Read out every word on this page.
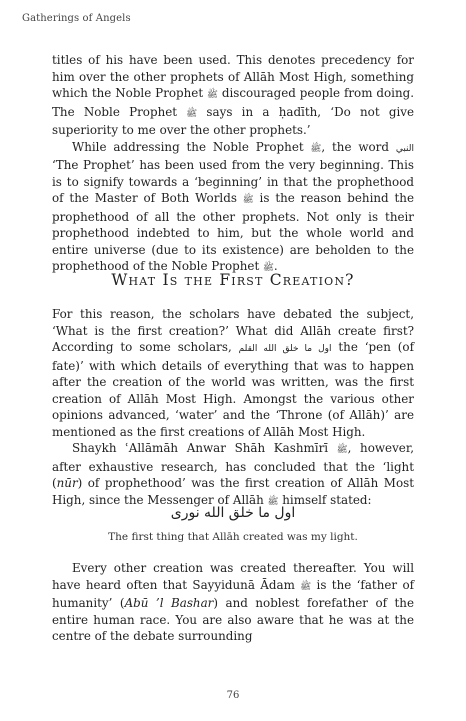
Gatherings of Angels

titles of his have been used. This denotes precedency for him over the other prophets of Allāh Most High, something which the Noble Prophet ﷺ discouraged people from doing. The Noble Prophet ﷺ says in a ḥadīth, ‘Do not give superiority to me over the other prophets.’

While addressing the Noble Prophet ﷺ, the word النبي ‘The Prophet’ has been used from the very beginning. This is to signify towards a ‘beginning’ in that the prophethood of the Master of Both Worlds ﷺ is the reason behind the prophethood of all the other prophets. Not only is their prophethood indebted to him, but the whole world and entire universe (due to its existence) are beholden to the prophethood of the Noble Prophet ﷺ.

What Is the First Creation?

For this reason, the scholars have debated the subject, ‘What is the first creation?’ What did Allāh create first? According to some scholars, اول ما خلق الله القلم the ‘pen (of fate)’ with which details of everything that was to happen after the creation of the world was written, was the first creation of Allāh Most High. Amongst the various other opinions advanced, ‘water’ and the ‘Throne (of Allāh)’ are mentioned as the first creations of Allāh Most High.

Shaykh ʿAllāmāh Anwar Shāh Kashmīrī ﷺ, however, after exhaustive research, has concluded that the ‘light (nūr) of prophethood’ was the first creation of Allāh Most High, since the Messenger of Allāh ﷺ himself stated:

اول ما خلق الله نوری
The first thing that Allāh created was my light.

Every other creation was created thereafter. You will have heard often that Sayyidunā Ādam ﷺ is the ‘father of humanity’ (Abū ’l Bashar) and noblest forefather of the entire human race. You are also aware that he was at the centre of the debate surrounding

76
